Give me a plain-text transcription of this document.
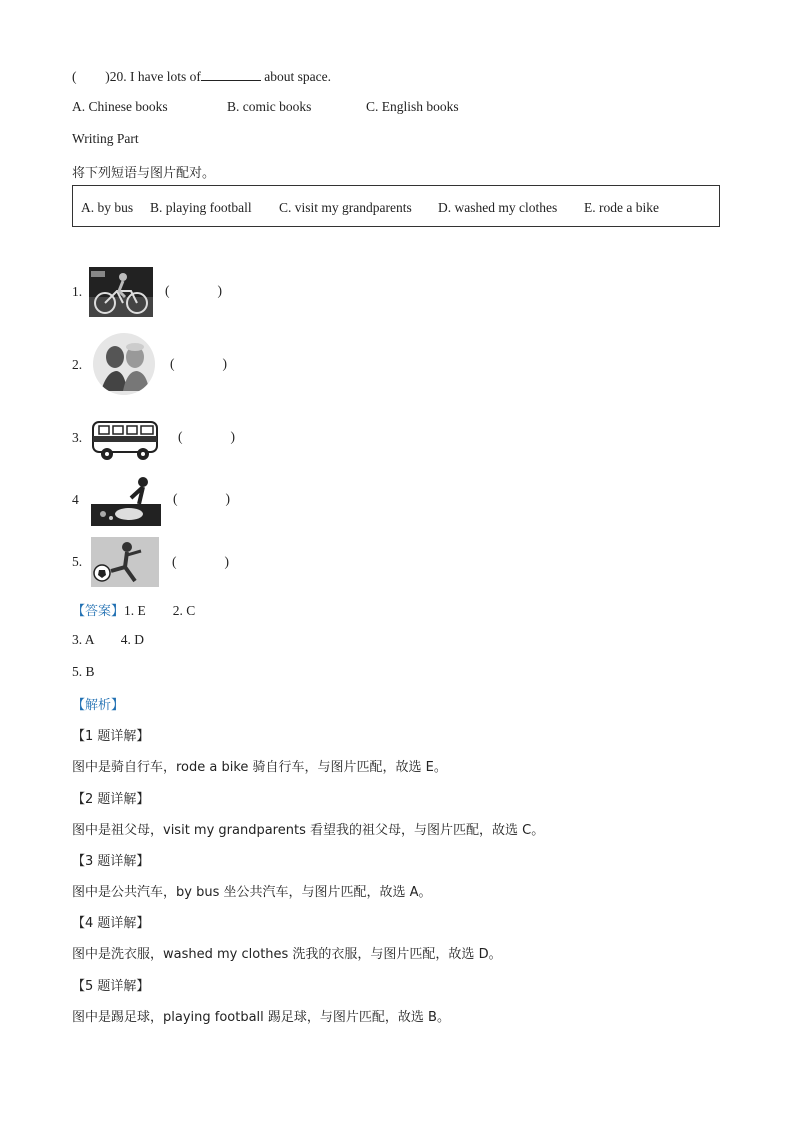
( )20. I have lots of	about space.
A. Chinese books	B. comic books	C. English books
Writing Part
将下列短语与图片配对。
A. by bus B. playing football C. visit my grandparents D. washed my clothes E. rode a bike
1.	(	)
2.	(	)
3.	(	)
4	(	)
5.	(	)
【答案】1. E        2. C
3. A        4. D
5. B
【解析】
【1 题详解】
图中是骑自行车，rode a bike 骑自行车，与图片匹配，故选 E。
【2 题详解】
图中是祖父母，visit my grandparents 看望我的祖父母，与图片匹配，故选 C。
【3 题详解】
图中是公共汽车，by bus 坐公共汽车，与图片匹配，故选 A。
【4 题详解】
图中是洗衣服，washed my clothes 洗我的衣服，与图片匹配，故选 D。
【5 题详解】
图中是踢足球，playing football 踢足球，与图片匹配，故选 B。
